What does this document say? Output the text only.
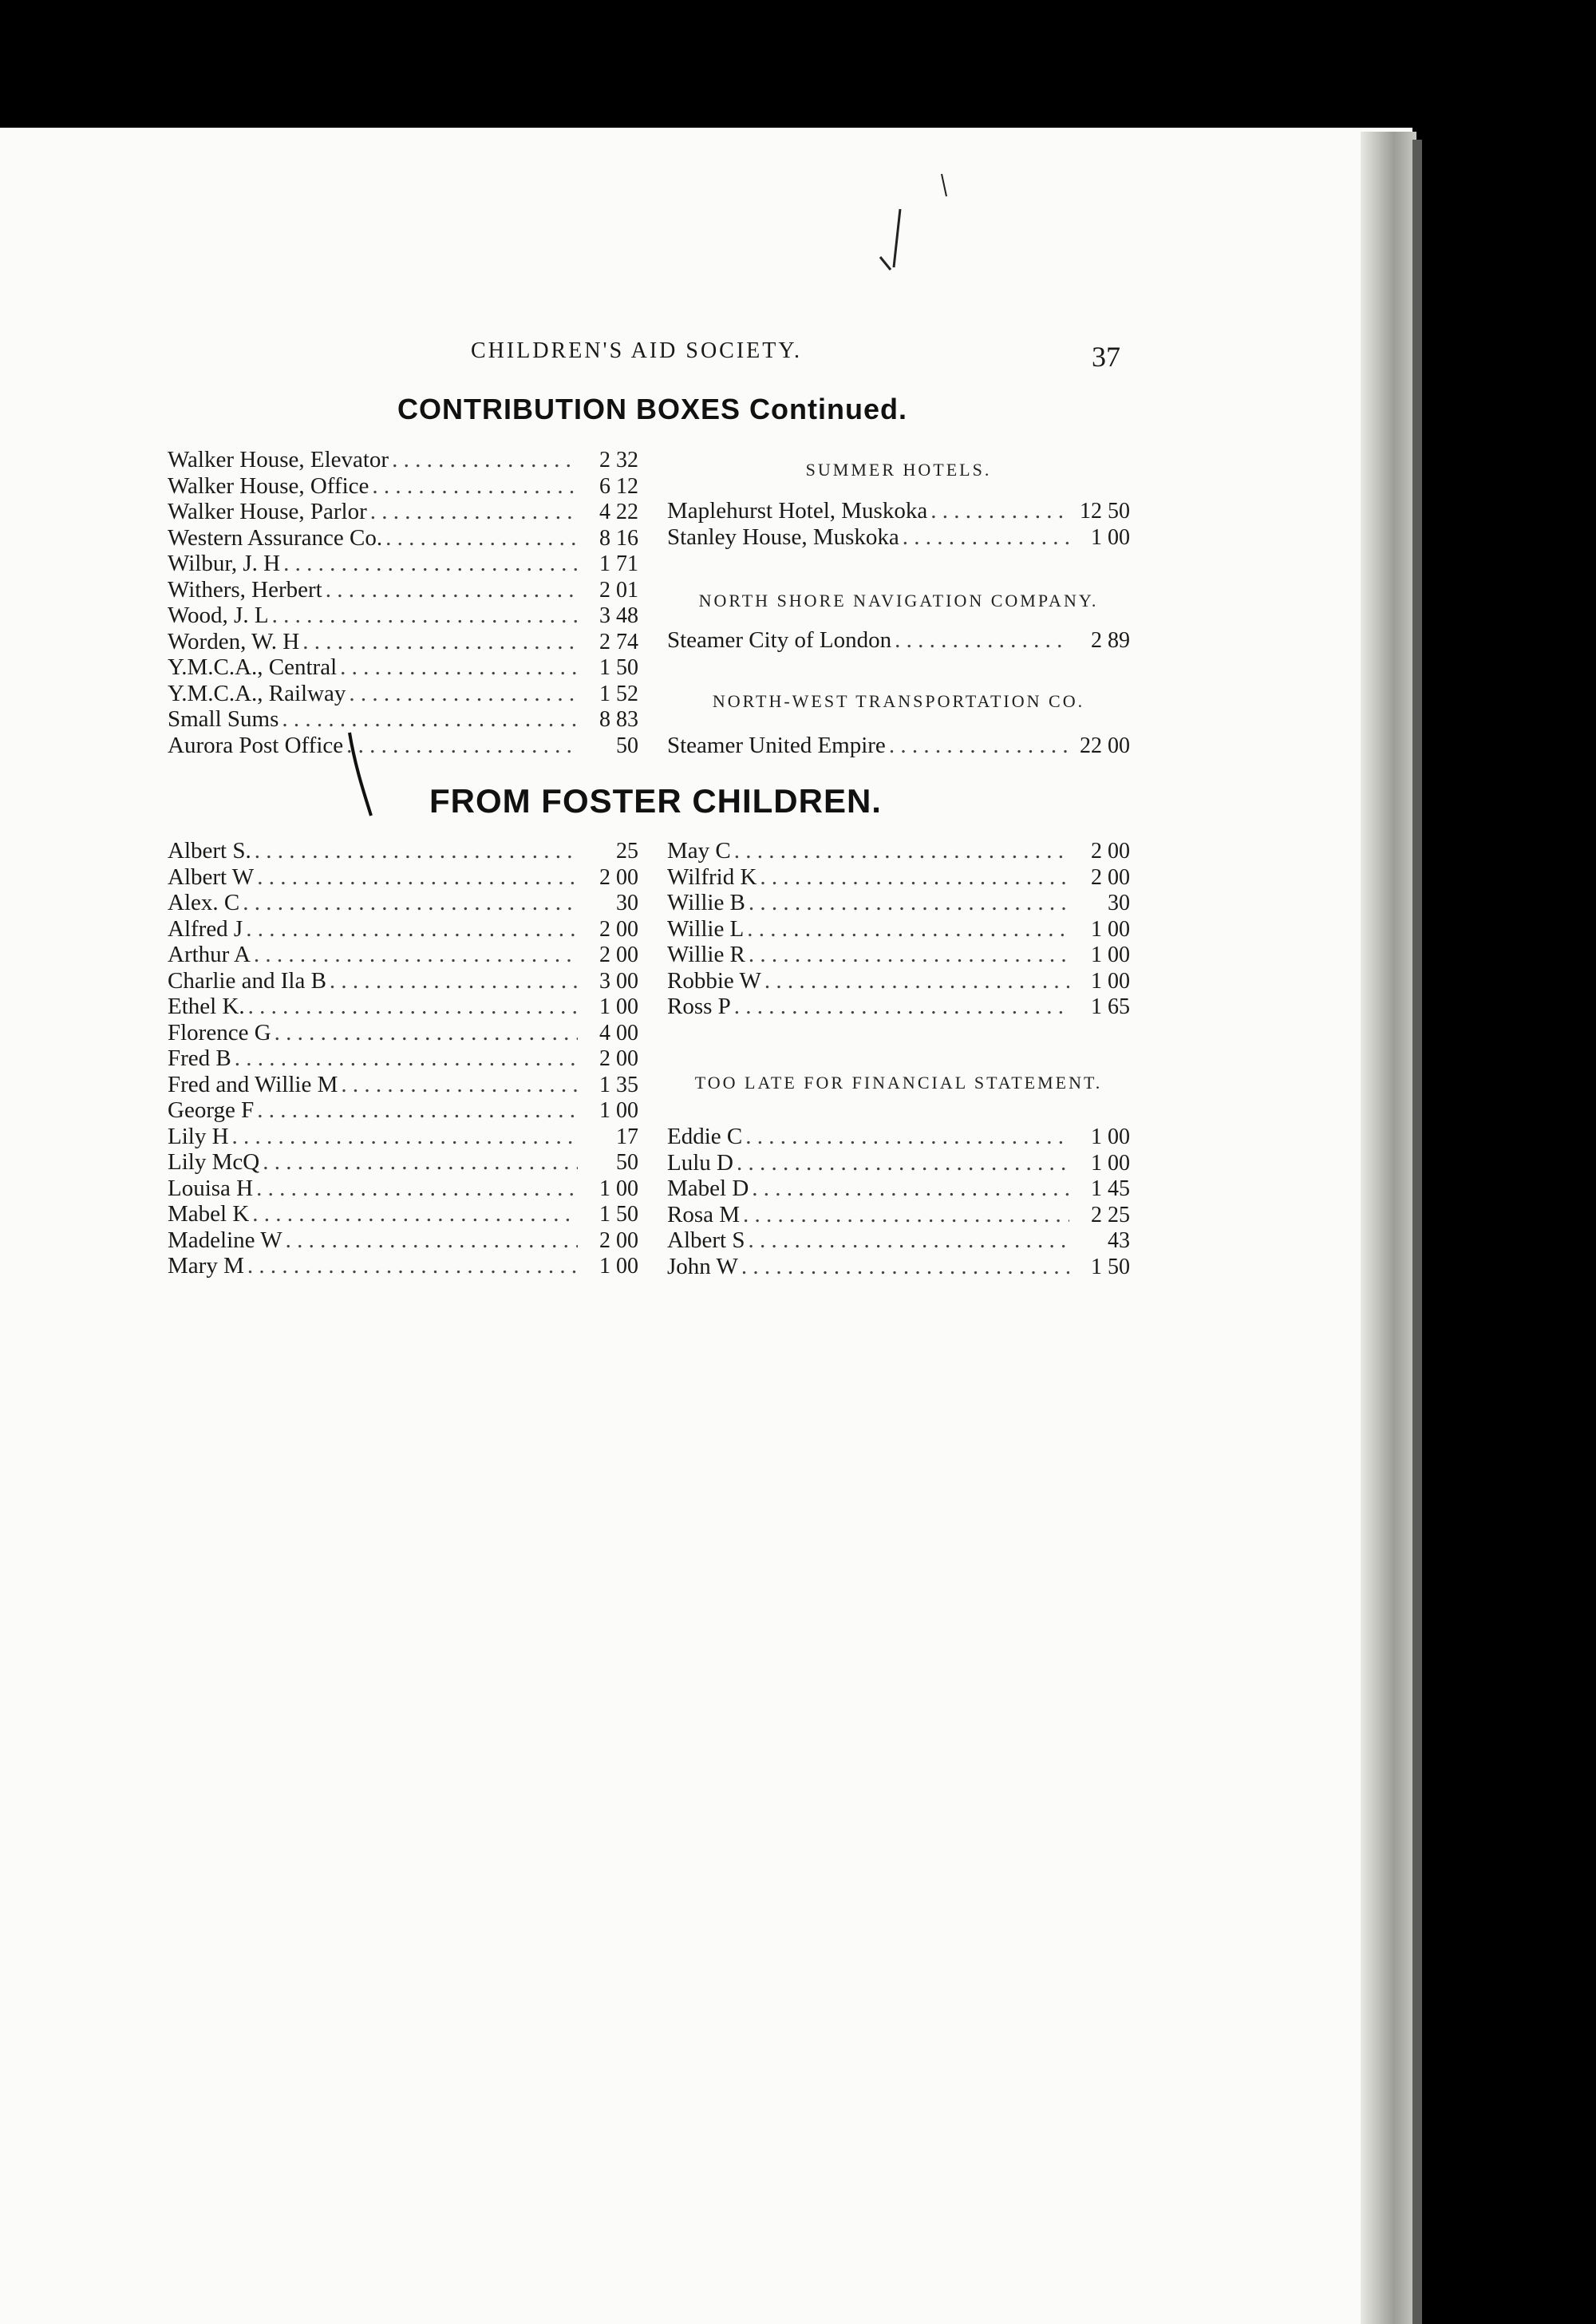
CHILDREN'S AID SOCIETY.	37
CONTRIBUTION BOXES Continued.
Walker House, Elevator . . .	2 32
Walker House, Office . . .	6 12
Walker House, Parlor . . .	4 22
Western Assurance Co. . . .	8 16
Wilbur, J. H . . .	1 71
Withers, Herbert . . .	2 01
Wood, J. L . . .	3 48
Worden, W. H . . .	2 74
Y.M.C.A., Central . . .	1 50
Y.M.C.A., Railway . . .	1 52
Small Sums . . .	8 83
Aurora Post Office . . .	50
SUMMER HOTELS.
Maplehurst Hotel, Muskoka . . .	12 50
Stanley House, Muskoka . . .	1 00
NORTH SHORE NAVIGATION COMPANY.
Steamer City of London . . .	2 89
NORTH-WEST TRANSPORTATION CO.
Steamer United Empire . . .	22 00
FROM FOSTER CHILDREN.
Albert S. . . .	25
Albert W . . .	2 00
Alex. C . . .	30
Alfred J . . .	2 00
Arthur A . . .	2 00
Charlie and Ila B . . .	3 00
Ethel K. . . .	1 00
Florence G . . .	4 00
Fred B . . .	2 00
Fred and Willie M . . .	1 35
George F . . .	1 00
Lily H . . .	17
Lily McQ . . .	50
Louisa H . . .	1 00
Mabel K . . .	1 50
Madeline W . . .	2 00
Mary M . . .	1 00
May C . . .	2 00
Wilfrid K . . .	2 00
Willie B . . .	30
Willie L . . .	1 00
Willie R . . .	1 00
Robbie W . . .	1 00
Ross P . . .	1 65
TOO LATE FOR FINANCIAL STATEMENT.
Eddie C . . .	1 00
Lulu D . . .	1 00
Mabel D . . .	1 45
Rosa M . . .	2 25
Albert S . . .	43
John W . . .	1 50
